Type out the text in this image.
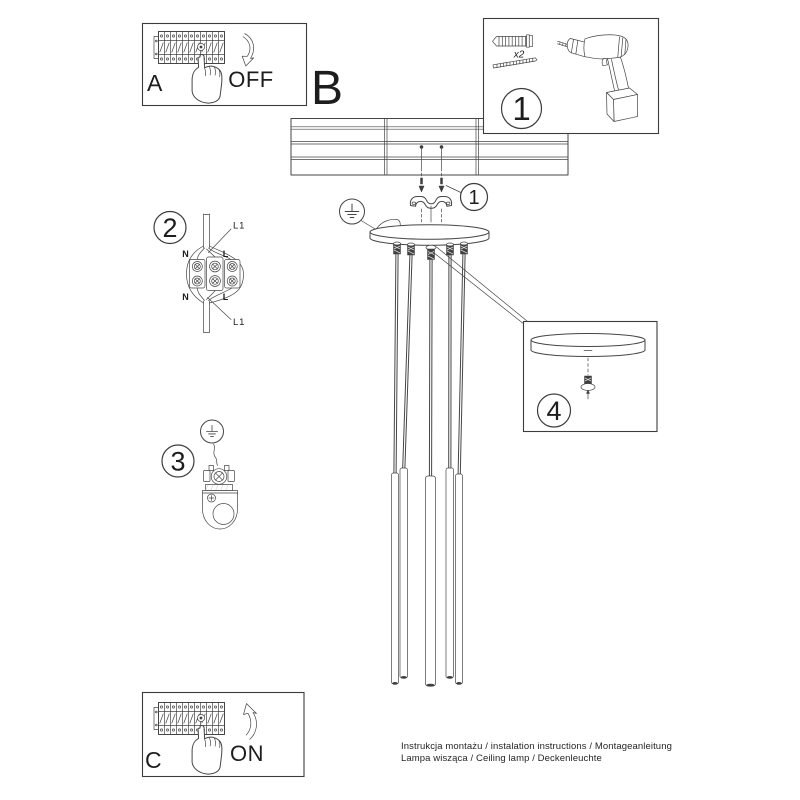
A	OFF B
x2
1
1
4
2	L1
N	L
N	L
L1
3
C	ON	Instrukcja montażu / instalation instructions / Montageanleitung
Lampa wisząca / Ceiling lamp / Deckenleuchte
